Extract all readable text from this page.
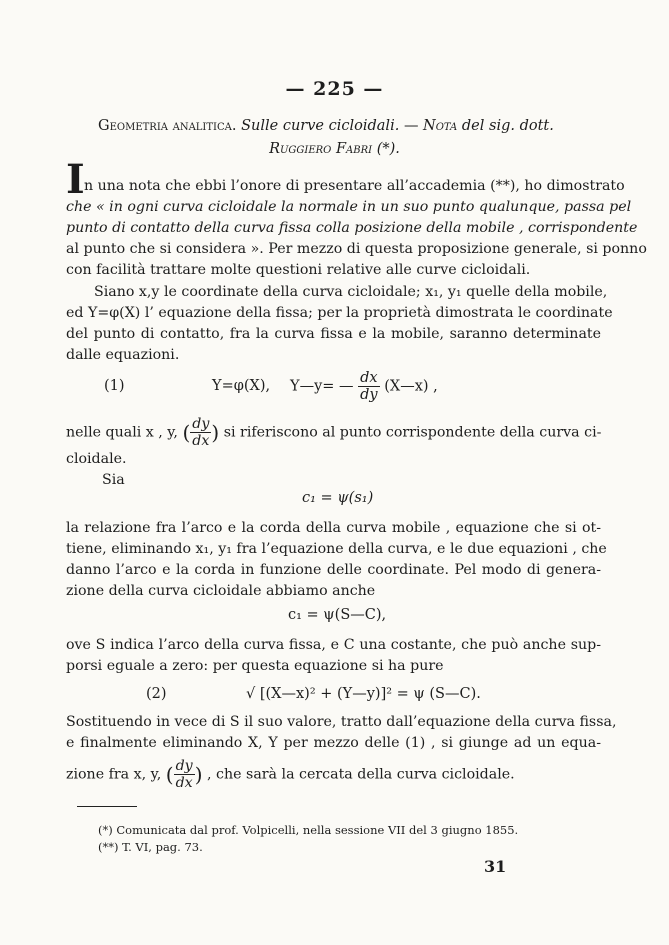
— 225 —
Geometria analitica. Sulle curve cicloidali. — Nota del sig. dott.
Ruggiero Fabri (*).
I n una nota che ebbi l’onore di presentare all’accademia (**), ho dimostrato
che « in ogni curva cicloidale la normale in un suo punto qualunque, passa pel
punto di contatto della curva fissa colla posizione della mobile , corrispondente
al punto che si considera ». Per mezzo di questa proposizione generale, si ponno
con facilità trattare molte questioni relative alle curve cicloidali.
Siano x,y le coordinate della curva cicloidale; x₁, y₁ quelle della mobile,
ed Y=φ(X) l’ equazione della fissa; per la proprietà dimostrata le coordinate
del punto di contatto, fra la curva fissa e la mobile, saranno determinate
dalle equazioni.
(1)	Y=φ(X), Y—y= — $\frac{dx}{dy}$ (X—x) ,
nelle quali x , y, ( $\frac{dy}{dx}$ ) si riferiscono al punto corrispondente della curva ci-
cloidale.
Sia
c₁ = ψ(s₁)
la relazione fra l’arco e la corda della curva mobile , equazione che si ot-
tiene, eliminando x₁, y₁ fra l’equazione della curva, e le due equazioni , che
danno l’arco e la corda in funzione delle coordinate. Pel modo di genera-
zione della curva cicloidale abbiamo anche
c₁ = ψ(S—C),
ove S indica l’arco della curva fissa, e C una costante, che può anche sup-
porsi eguale a zero: per questa equazione si ha pure
(2)	√ [(X—x)² + (Y—y)]² = ψ (S—C).
Sostituendo in vece di S il suo valore, tratto dall’equazione della curva fissa,
e finalmente eliminando X, Y per mezzo delle (1) , si giunge ad un equa-
zione fra x, y, ( $\frac{dy}{dx}$ ) , che sarà la cercata della curva cicloidale.
(*) Comunicata dal prof. Volpicelli, nella sessione VII del 3 giugno 1855.
(**) T. VI, pag. 73.
31
